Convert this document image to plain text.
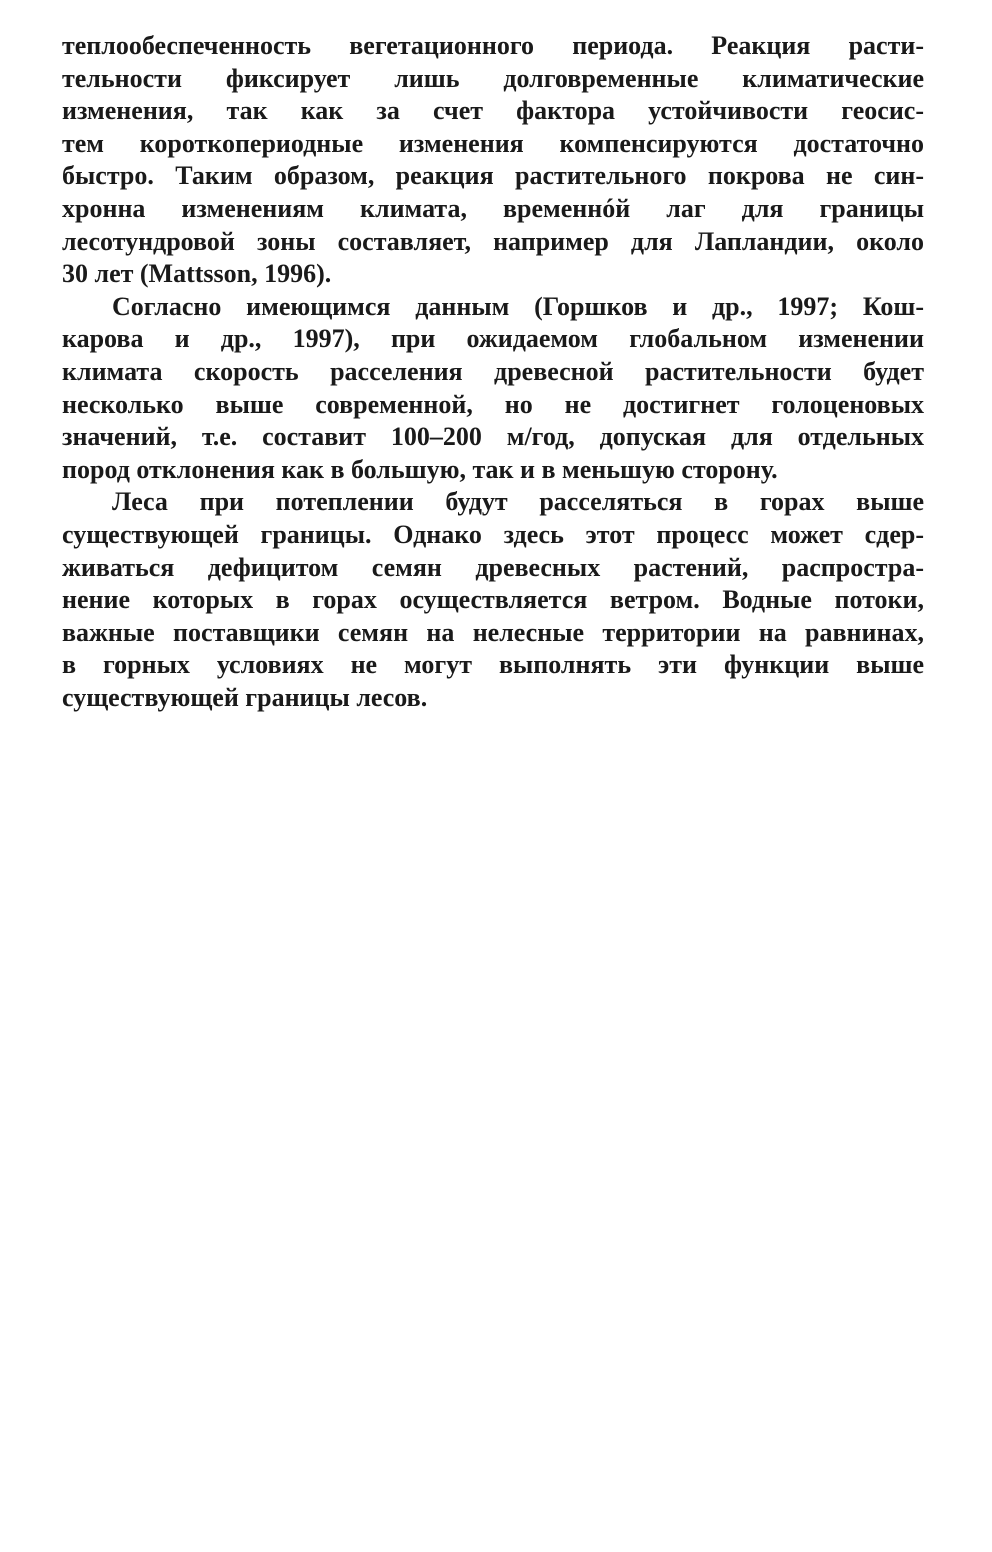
теплообеспеченность вегетационного периода. Реакция расти-
тельности фиксирует лишь долговременные климатические
изменения, так как за счет фактора устойчивости геосис-
тем короткопериодные изменения компенсируются достаточно
быстро. Таким образом, реакция растительного покрова не син-
хронна изменениям климата, временнóй лаг для границы
лесотундровой зоны составляет, например для Лапландии, около
30 лет (Mattsson, 1996).
Согласно имеющимся данным (Горшков и др., 1997; Кош-
карова и др., 1997), при ожидаемом глобальном изменении
климата скорость расселения древесной растительности будет
несколько выше современной, но не достигнет голоценовых
значений, т.е. составит 100–200 м/год, допуская для отдельных
пород отклонения как в большую, так и в меньшую сторону.
Леса при потеплении будут расселяться в горах выше
существующей границы. Однако здесь этот процесс может сдер-
живаться дефицитом семян древесных растений, распростра-
нение которых в горах осуществляется ветром. Водные потоки,
важные поставщики семян на нелесные территории на равнинах,
в горных условиях не могут выполнять эти функции выше
существующей границы лесов.
